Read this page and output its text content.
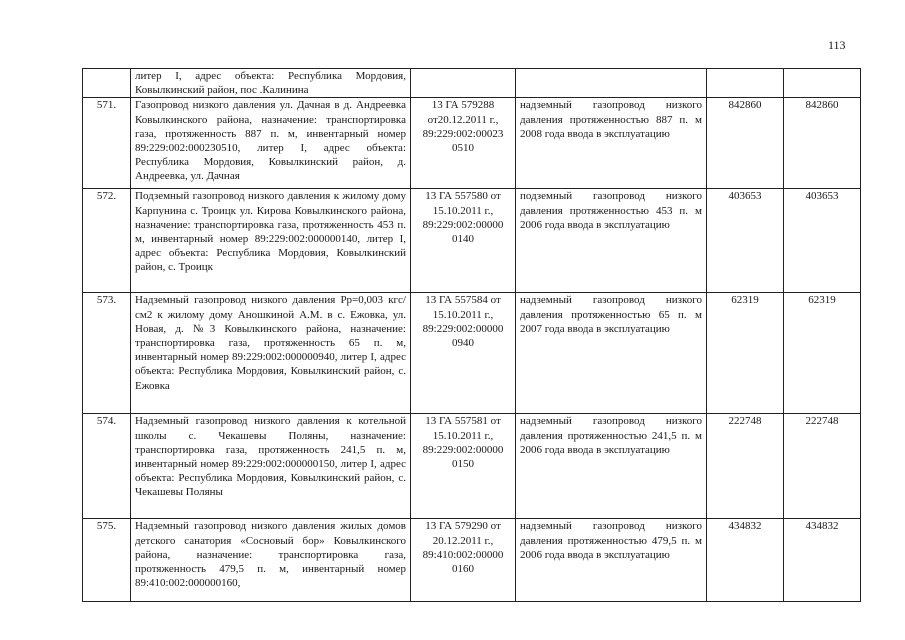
113
	литер I, адрес объекта: Республика Мордовия, Ковылкинский район, пос .Калинина				
571.	Газопровод низкого давления ул. Дачная в д. Андреевка Ковылкинского района, назначение: транспортировка газа, протяженность 887 п. м, инвентарный номер 89:229:002:000230510, литер I, адрес объекта: Республика Мордовия, Ковылкинский район, д. Андреевка, ул. Дачная	13 ГА 579288 от20.12.2011 г., 89:229:002:00023 0510	надземный газопровод низкого давления протяженностью 887 п. м 2008 года ввода в эксплуатацию	842860	842860
572.	Подземный газопровод низкого давления к жилому дому Карпунина с. Троицк ул. Кирова Ковылкинского района, назначение: транспортировка газа, протяженность 453 п. м, инвентарный номер 89:229:002:000000140, литер I, адрес объекта: Республика Мордовия, Ковылкинский район, с. Троицк	13 ГА 557580 от 15.10.2011 г., 89:229:002:00000 0140	подземный газопровод низкого давления протяженностью 453 п. м 2006 года ввода в эксплуатацию	403653	403653
573.	Надземный газопровод низкого давления Рр=0,003 кгс/см2 к жилому дому Аношкиной А.М. в с. Ежовка, ул. Новая, д. №3 Ковылкинского района, назначение: транспортировка газа, протяженность 65 п. м, инвентарный номер 89:229:002:000000940, литер I, адрес объекта: Республика Мордовия, Ковылкинский район, с. Ежовка	13 ГА 557584 от 15.10.2011 г., 89:229:002:00000 0940	надземный газопровод низкого давления протяженностью 65 п. м 2007 года ввода в эксплуатацию	62319	62319
574.	Надземный газопровод низкого давления к котельной школы с. Чекашевы Поляны, назначение: транспортировка газа, протяженность 241,5 п. м, инвентарный номер 89:229:002:000000150, литер I, адрес объекта: Республика Мордовия, Ковылкинский район, с. Чекашевы Поляны	13 ГА 557581 от 15.10.2011 г., 89:229:002:00000 0150	надземный газопровод низкого давления протяженностью 241,5 п. м 2006 года ввода в эксплуатацию	222748	222748
575.	Надземный газопровод низкого давления жилых домов детского санатория «Сосновый бор» Ковылкинского района, назначение: транспортировка газа, протяженность 479,5 п. м, инвентарный номер 89:410:002:000000160,	13 ГА 579290 от 20.12.2011 г., 89:410:002:00000 0160	надземный газопровод низкого давления протяженностью 479,5 п. м 2006 года ввода в эксплуатацию	434832	434832
